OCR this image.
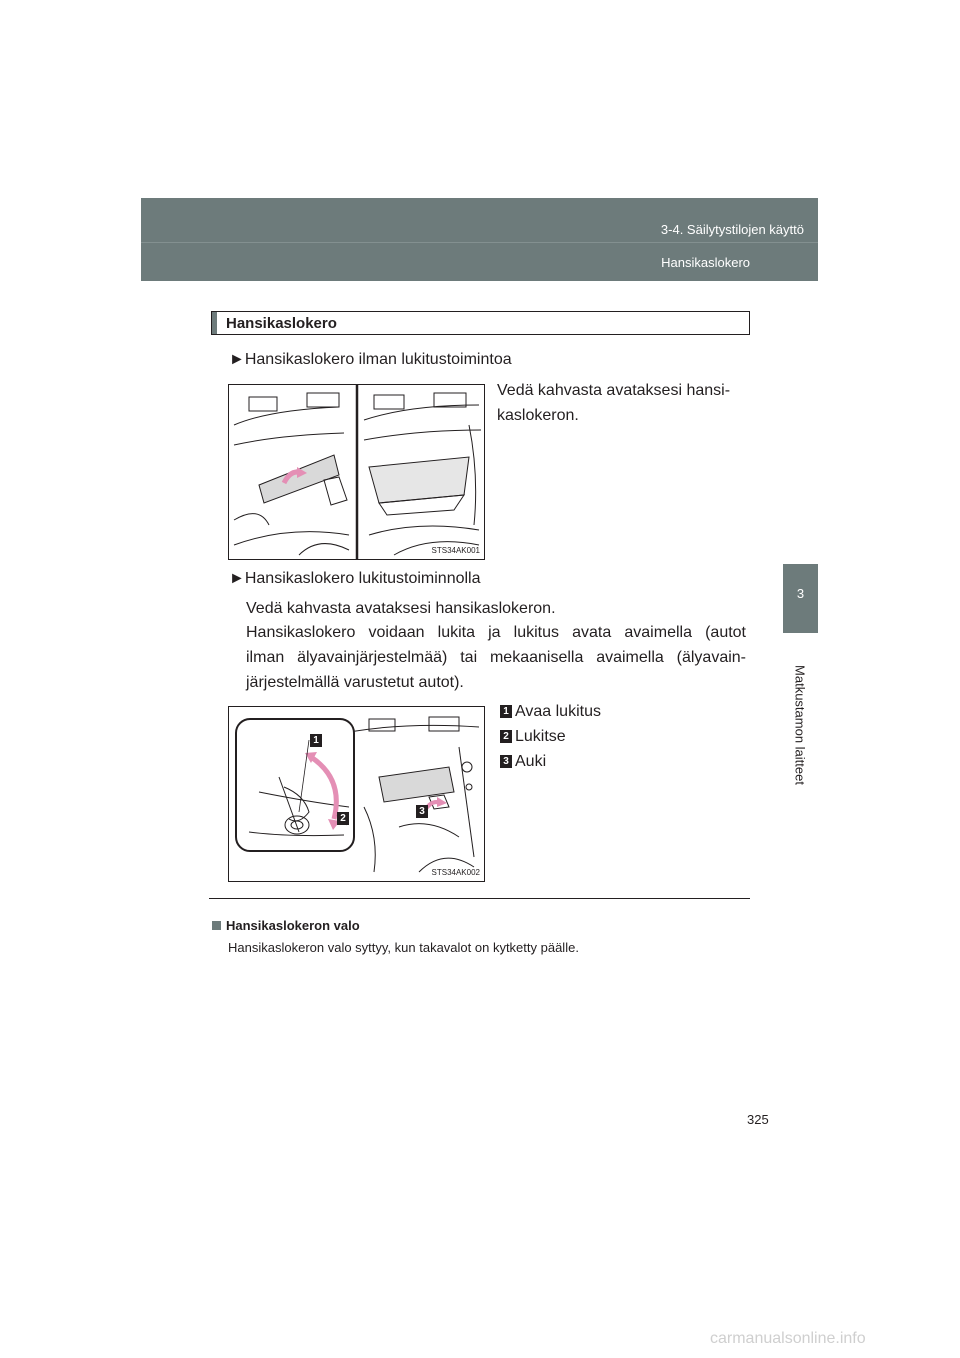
3-4. Säilytystilojen käyttö
Hansikaslokero
3
Matkustamon laitteet
Hansikaslokero
►Hansikaslokero ilman lukitustoimintoa
Vedä kahvasta avataksesi hansi-
kaslokeron.
STS34AK001
►Hansikaslokero lukitustoiminnolla
Vedä kahvasta avataksesi hansikaslokeron.
Hansikaslokero voidaan lukita ja lukitus avata avaimella (autot
ilman älyavainjärjestelmää) tai mekaanisella avaimella (älyavain-
järjestelmällä varustetut autot).
1
2
3
STS34AK002
1 Avaa lukitus
2 Lukitse
3 Auki
Hansikaslokeron valo
Hansikaslokeron valo syttyy, kun takavalot on kytketty päälle.
325
carmanualsonline.info
